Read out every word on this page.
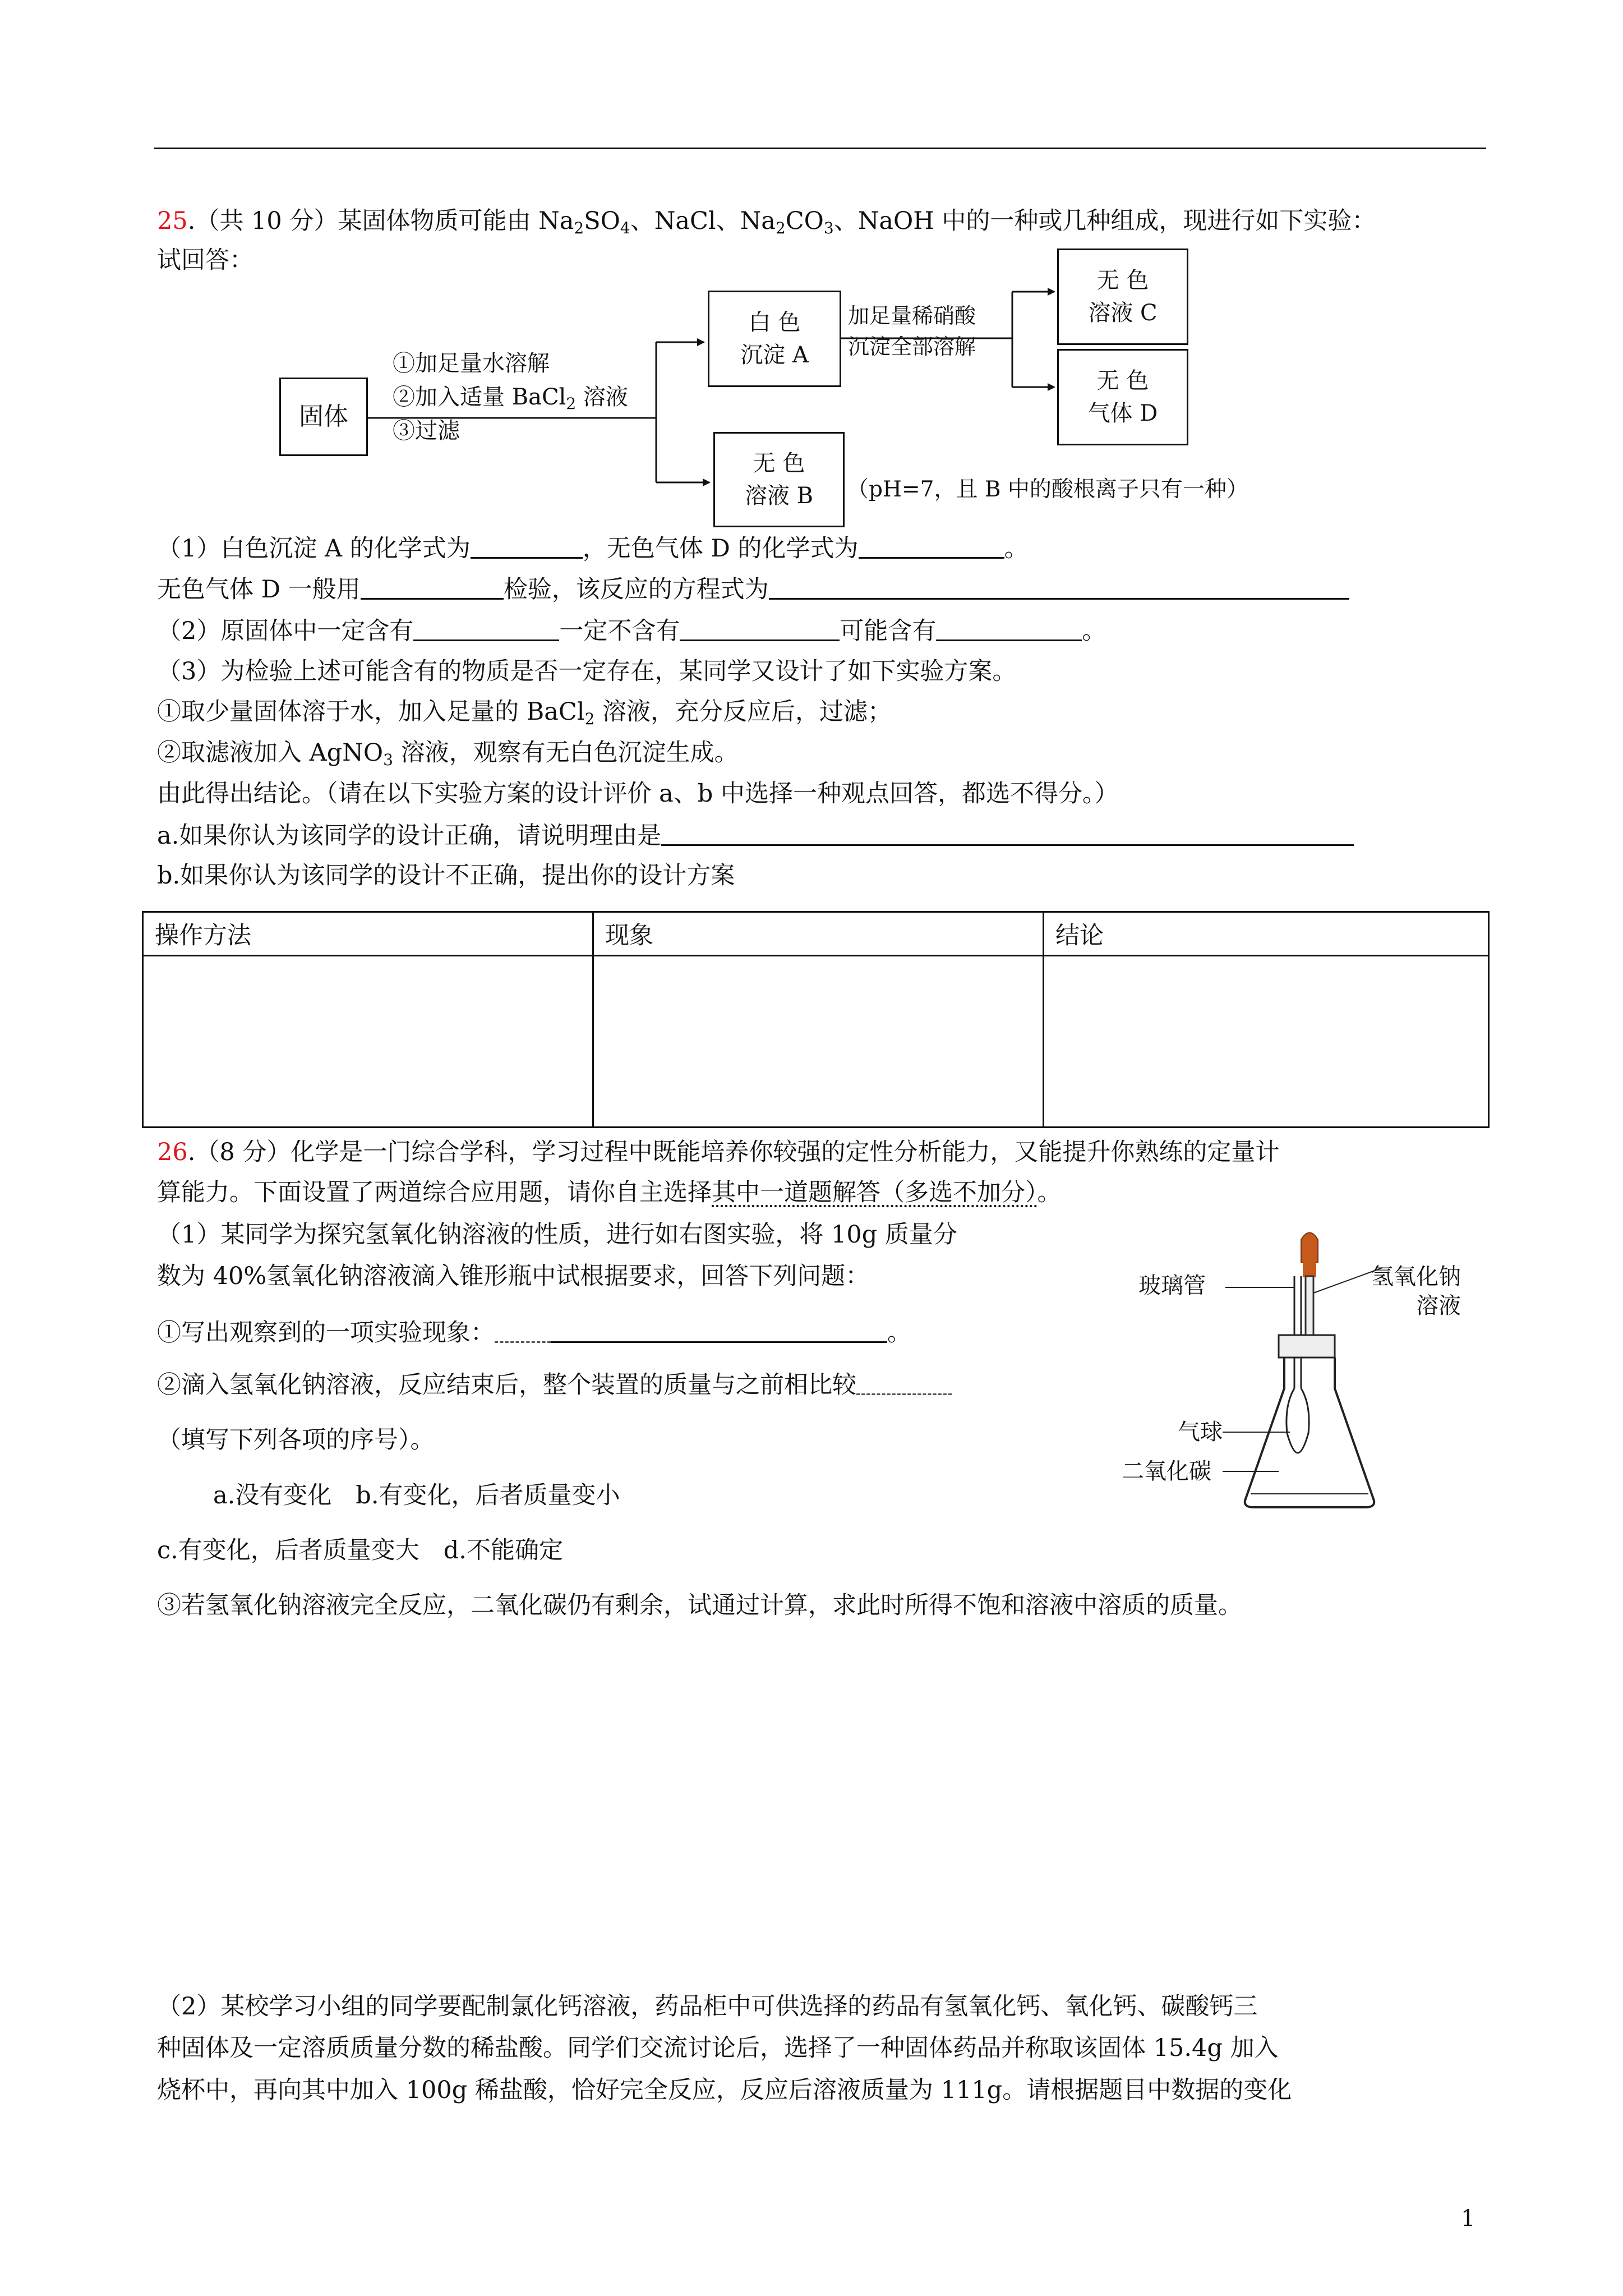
25.（共 10 分）某固体物质可能由 $Na_2SO_4$、NaCl、$Na_2CO_3$、NaOH 中的一种或几种组成，现进行如下实验：
试回答：
固体
①加足量水溶解
②加入适量 BaCl$_2$ 溶液
③过滤
白 色
沉淀 A
加足量稀硝酸
沉淀全部溶解
无 色
溶液 C
无 色
气体 D
无 色
溶液 B （pH=7，且 B 中的酸根离子只有一种）
（1）白色沉淀 A 的化学式为	，无色气体 D 的化学式为	。
无色气体 D 一般用	检验，该反应的方程式为
（2）原固体中一定含有	一定不含有	可能含有	。
（3）为检验上述可能含有的物质是否一定存在，某同学又设计了如下实验方案。
①取少量固体溶于水，加入足量的 BaCl$_2$ 溶液，充分反应后，过滤；
②取滤液加入 AgNO$_3$ 溶液，观察有无白色沉淀生成。
由此得出结论。（请在以下实验方案的设计评价 a、b 中选择一种观点回答，都选不得分。）
a.如果你认为该同学的设计正确，请说明理由是
b.如果你认为该同学的设计不正确，提出你的设计方案
操作方法	现象	结论

26.（8 分）化学是一门综合学科，学习过程中既能培养你较强的定性分析能力，又能提升你熟练的定量计
算能力。下面设置了两道综合应用题，请你自主选择其中一道题解答（多选不加分）。
（1）某同学为探究氢氧化钠溶液的性质，进行如右图实验，将 10g 质量分
数为 40%氢氧化钠溶液滴入锥形瓶中试根据要求，回答下列问题：
①写出观察到的一项实验现象：	。
②滴入氢氧化钠溶液，反应结束后，整个装置的质量与之前相比较
（填写下列各项的序号）。
a.没有变化　b.有变化，后者质量变小
c.有变化，后者质量变大　d.不能确定
③若氢氧化钠溶液完全反应，二氧化碳仍有剩余，试通过计算，求此时所得不饱和溶液中溶质的质量。
玻璃管	氢氧化钠
溶液
气球
二氧化碳
（2）某校学习小组的同学要配制氯化钙溶液，药品柜中可供选择的药品有氢氧化钙、氧化钙、碳酸钙三
种固体及一定溶质质量分数的稀盐酸。同学们交流讨论后，选择了一种固体药品并称取该固体 15.4g 加入
烧杯中，再向其中加入 100g 稀盐酸，恰好完全反应，反应后溶液质量为 111g。请根据题目中数据的变化
1
